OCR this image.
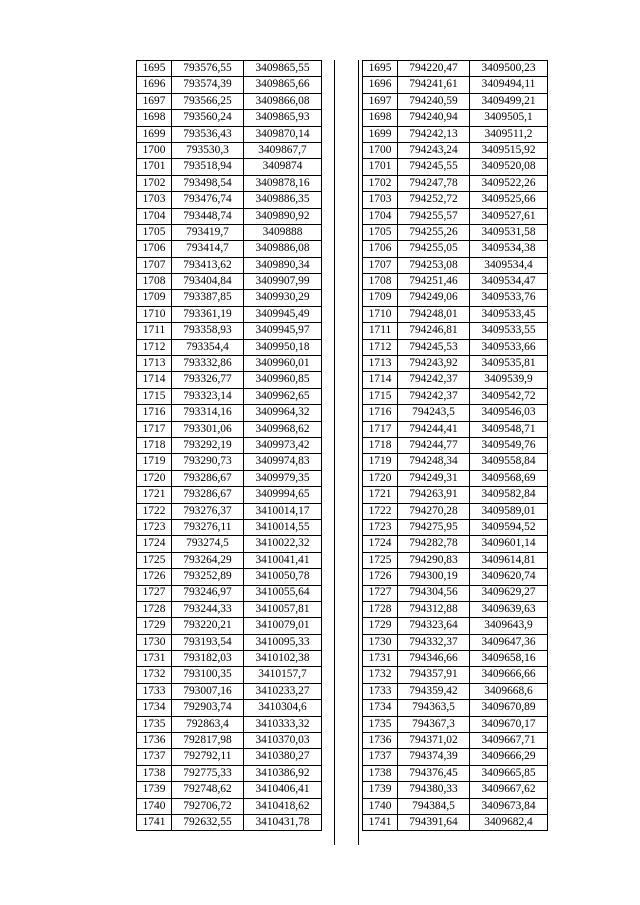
1695	793576,55	3409865,55
1696	793574,39	3409865,66
1697	793566,25	3409866,08
1698	793560,24	3409865,93
1699	793536,43	3409870,14
1700	793530,3	3409867,7
1701	793518,94	3409874
1702	793498,54	3409878,16
1703	793476,74	3409886,35
1704	793448,74	3409890,92
1705	793419,7	3409888
1706	793414,7	3409886,08
1707	793413,62	3409890,34
1708	793404,84	3409907,99
1709	793387,85	3409930,29
1710	793361,19	3409945,49
1711	793358,93	3409945,97
1712	793354,4	3409950,18
1713	793332,86	3409960,01
1714	793326,77	3409960,85
1715	793323,14	3409962,65
1716	793314,16	3409964,32
1717	793301,06	3409968,62
1718	793292,19	3409973,42
1719	793290,73	3409974,83
1720	793286,67	3409979,35
1721	793286,67	3409994,65
1722	793276,37	3410014,17
1723	793276,11	3410014,55
1724	793274,5	3410022,32
1725	793264,29	3410041,41
1726	793252,89	3410050,78
1727	793246,97	3410055,64
1728	793244,33	3410057,81
1729	793220,21	3410079,01
1730	793193,54	3410095,33
1731	793182,03	3410102,38
1732	793100,35	3410157,7
1733	793007,16	3410233,27
1734	792903,74	3410304,6
1735	792863,4	3410333,32
1736	792817,98	3410370,03
1737	792792,11	3410380,27
1738	792775,33	3410386,92
1739	792748,62	3410406,41
1740	792706,72	3410418,62
1741	792632,55	3410431,78
1695	794220,47	3409500,23
1696	794241,61	3409494,11
1697	794240,59	3409499,21
1698	794240,94	3409505,1
1699	794242,13	3409511,2
1700	794243,24	3409515,92
1701	794245,55	3409520,08
1702	794247,78	3409522,26
1703	794252,72	3409525,66
1704	794255,57	3409527,61
1705	794255,26	3409531,58
1706	794255,05	3409534,38
1707	794253,08	3409534,4
1708	794251,46	3409534,47
1709	794249,06	3409533,76
1710	794248,01	3409533,45
1711	794246,81	3409533,55
1712	794245,53	3409533,66
1713	794243,92	3409535,81
1714	794242,37	3409539,9
1715	794242,37	3409542,72
1716	794243,5	3409546,03
1717	794244,41	3409548,71
1718	794244,77	3409549,76
1719	794248,34	3409558,84
1720	794249,31	3409568,69
1721	794263,91	3409582,84
1722	794270,28	3409589,01
1723	794275,95	3409594,52
1724	794282,78	3409601,14
1725	794290,83	3409614,81
1726	794300,19	3409620,74
1727	794304,56	3409629,27
1728	794312,88	3409639,63
1729	794323,64	3409643,9
1730	794332,37	3409647,36
1731	794346,66	3409658,16
1732	794357,91	3409666,66
1733	794359,42	3409668,6
1734	794363,5	3409670,89
1735	794367,3	3409670,17
1736	794371,02	3409667,71
1737	794374,39	3409666,29
1738	794376,45	3409665,85
1739	794380,33	3409667,62
1740	794384,5	3409673,84
1741	794391,64	3409682,4
